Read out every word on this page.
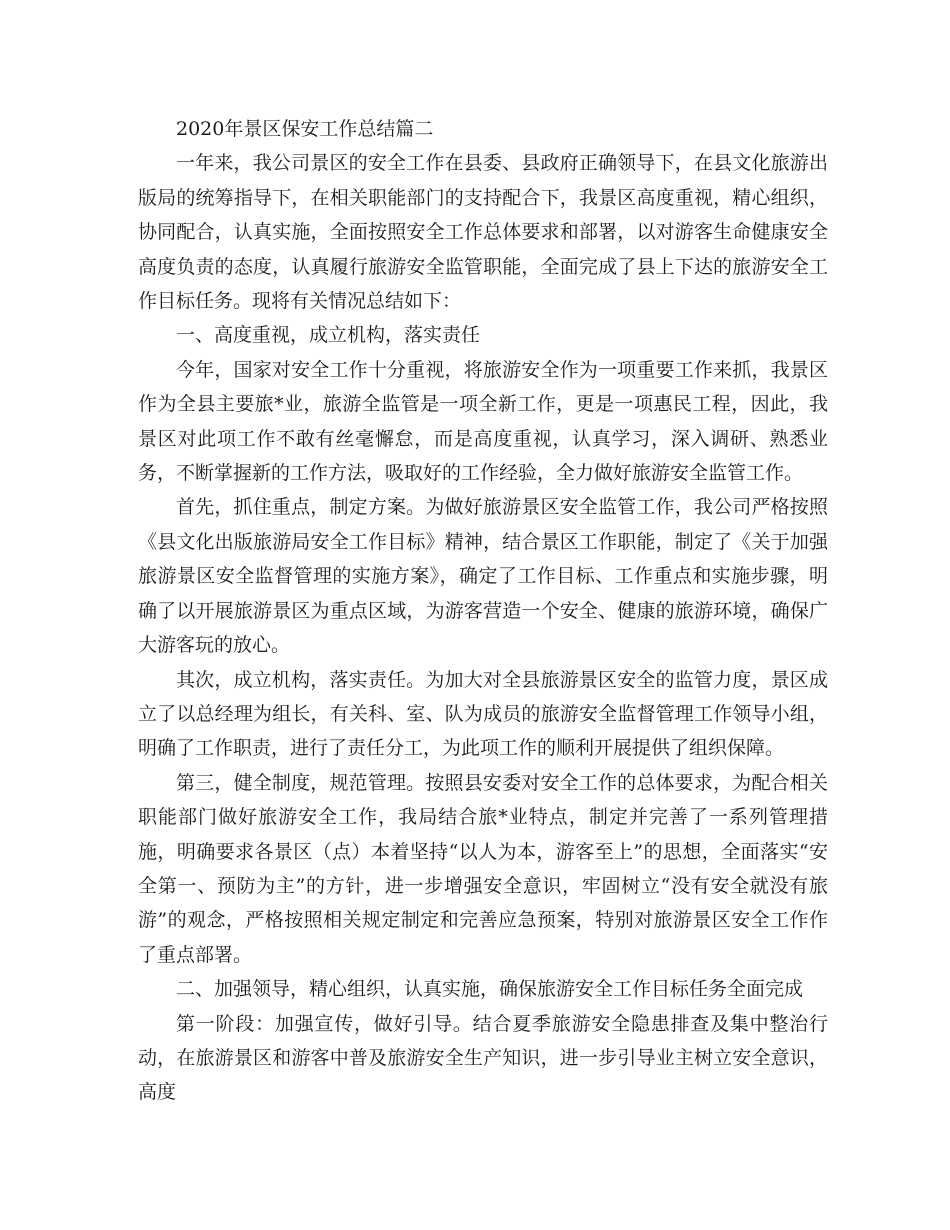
2020年景区保安工作总结篇二

一年来，我公司景区的安全工作在县委、县政府正确领导下，在县文化旅游出版局的统筹指导下，在相关职能部门的支持配合下，我景区高度重视，精心组织，协同配合，认真实施，全面按照安全工作总体要求和部署，以对游客生命健康安全高度负责的态度，认真履行旅游安全监管职能，全面完成了县上下达的旅游安全工作目标任务。现将有关情况总结如下：

一、高度重视，成立机构，落实责任

今年，国家对安全工作十分重视，将旅游安全作为一项重要工作来抓，我景区作为全县主要旅*业，旅游全监管是一项全新工作，更是一项惠民工程，因此，我景区对此项工作不敢有丝毫懈怠，而是高度重视，认真学习，深入调研、熟悉业务，不断掌握新的工作方法，吸取好的工作经验，全力做好旅游安全监管工作。

首先，抓住重点，制定方案。为做好旅游景区安全监管工作，我公司严格按照《县文化出版旅游局安全工作目标》精神，结合景区工作职能，制定了《关于加强旅游景区安全监督管理的实施方案》，确定了工作目标、工作重点和实施步骤，明确了以开展旅游景区为重点区域，为游客营造一个安全、健康的旅游环境，确保广大游客玩的放心。

其次，成立机构，落实责任。为加大对全县旅游景区安全的监管力度，景区成立了以总经理为组长，有关科、室、队为成员的旅游安全监督管理工作领导小组，明确了工作职责，进行了责任分工，为此项工作的顺利开展提供了组织保障。

第三，健全制度，规范管理。按照县安委对安全工作的总体要求，为配合相关职能部门做好旅游安全工作，我局结合旅*业特点，制定并完善了一系列管理措施，明确要求各景区（点）本着坚持“以人为本，游客至上”的思想，全面落实“安全第一、预防为主”的方针，进一步增强安全意识，牢固树立“没有安全就没有旅游”的观念，严格按照相关规定制定和完善应急预案，特别对旅游景区安全工作作了重点部署。

二、加强领导，精心组织，认真实施，确保旅游安全工作目标任务全面完成

第一阶段：加强宣传，做好引导。结合夏季旅游安全隐患排查及集中整治行动，在旅游景区和游客中普及旅游安全生产知识，进一步引导业主树立安全意识，高度
